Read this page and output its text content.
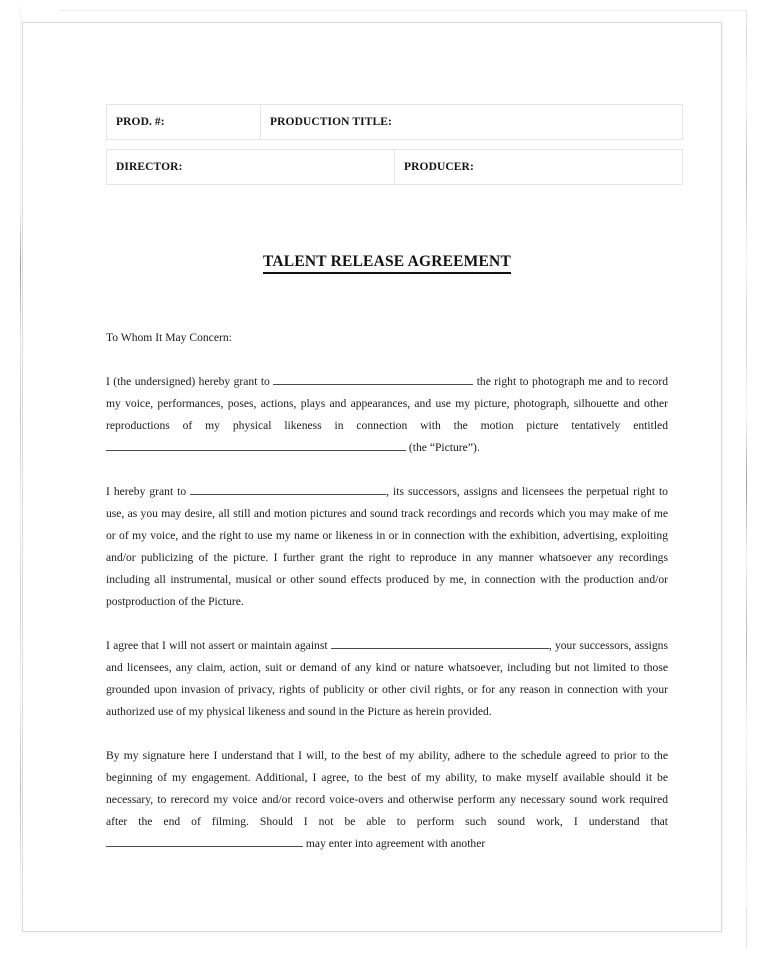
PROD. #:	PRODUCTION TITLE:
DIRECTOR:	PRODUCER:
TALENT RELEASE AGREEMENT

To Whom It May Concern:

I (the undersigned) hereby grant to	the right to photograph me and to record my voice, performances, poses, actions, plays and appearances, and use my picture, photograph, silhouette and other reproductions of my physical likeness in connection with the motion picture tentatively entitled  (the “Picture”).

I hereby grant to	, its successors, assigns and licensees the perpetual right to use, as you may desire, all still and motion pictures and sound track recordings and records which you may make of me or of my voice, and the right to use my name or likeness in or in connection with the exhibition, advertising, exploiting and/or publicizing of the picture. I further grant the right to reproduce in any manner whatsoever any recordings including all instrumental, musical or other sound effects produced by me, in connection with the production and/or postproduction of the Picture.

I agree that I will not assert or maintain against	, your successors, assigns and licensees, any claim, action, suit or demand of any kind or nature whatsoever, including but not limited to those grounded upon invasion of privacy, rights of publicity or other civil rights, or for any reason in connection with your authorized use of my physical likeness and sound in the Picture as herein provided.

By my signature here I understand that I will, to the best of my ability, adhere to the schedule agreed to prior to the beginning of my engagement. Additional, I agree, to the best of my ability, to make myself available should it be necessary, to rerecord my voice and/or record voice-overs and otherwise perform any necessary sound work required after the end of filming. Should I not be able to perform such sound work, I understand that  may enter into agreement with another
